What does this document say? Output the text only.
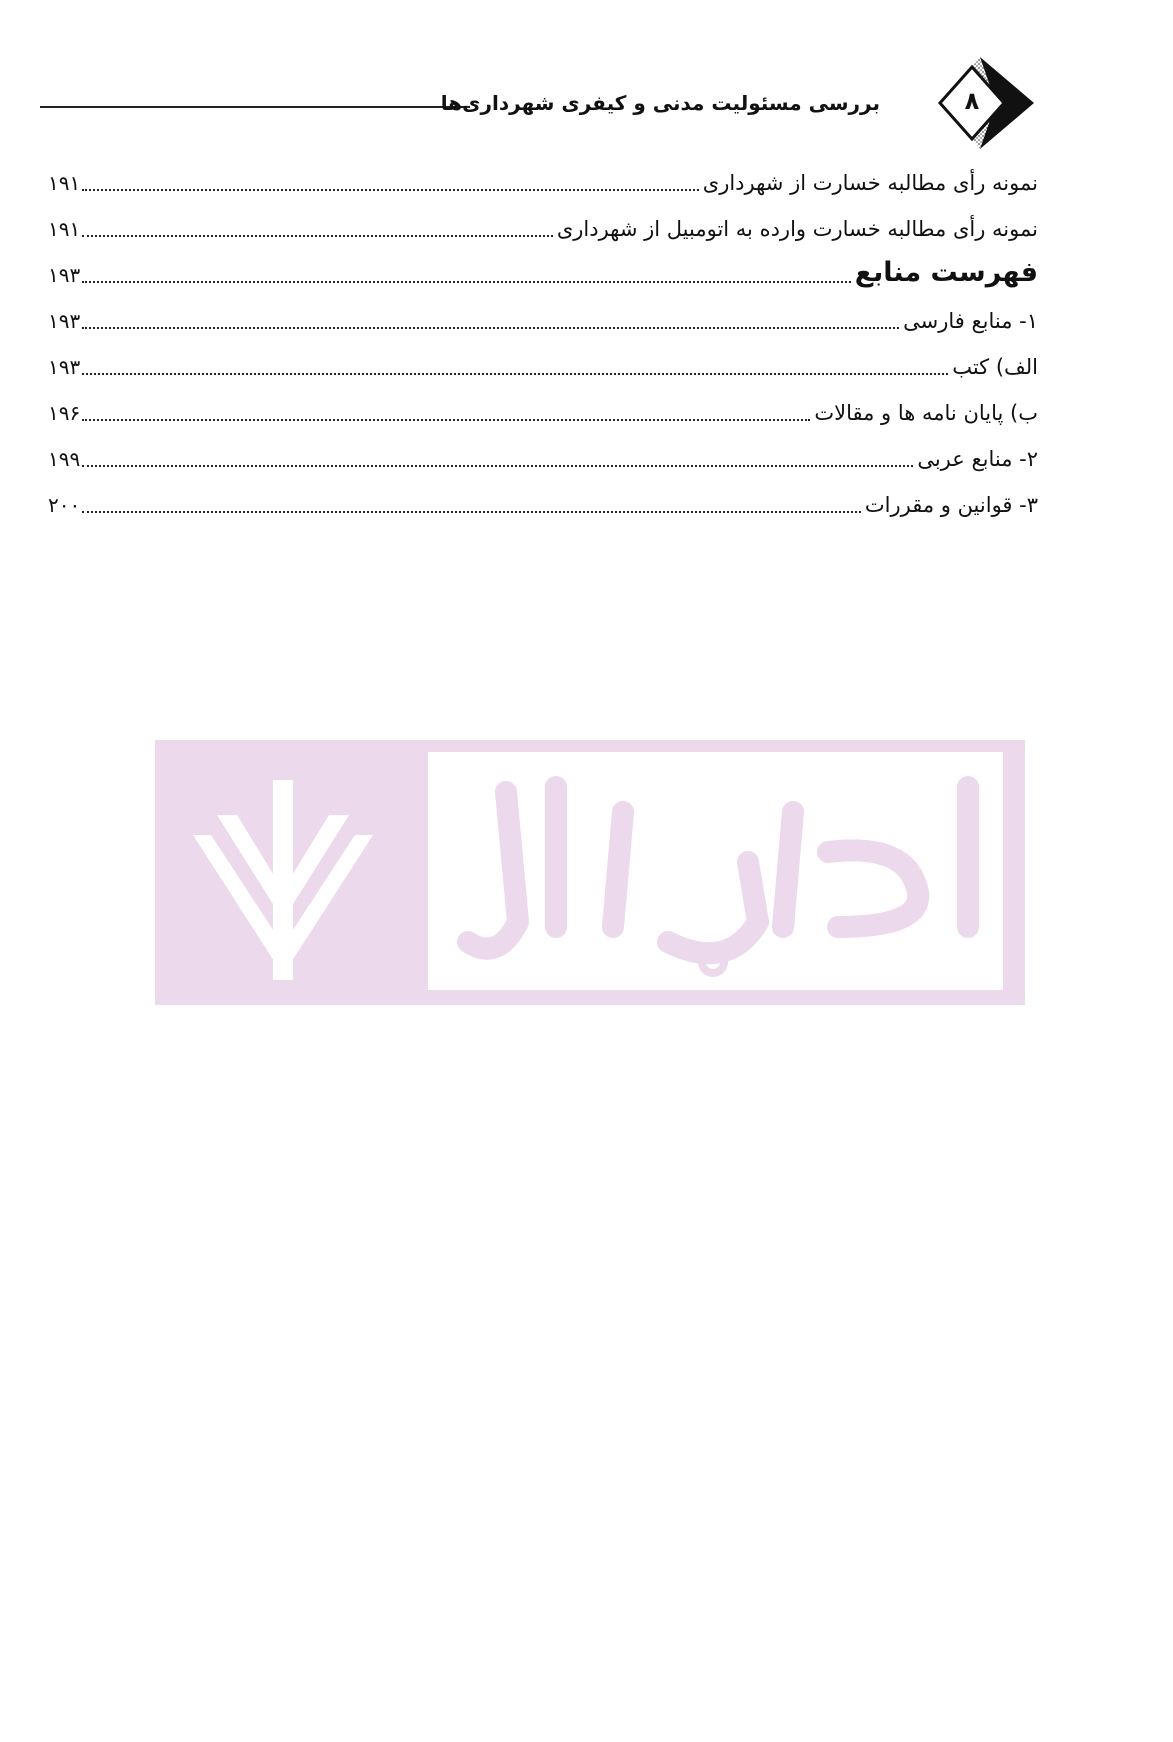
بررسی مسئولیت مدنی و کیفری شهرداری‌ها	۸
نمونه رأی مطالبه خسارت از شهرداری
۱۹۱
نمونه رأی مطالبه خسارت وارده به اتومبیل از شهرداری
۱۹۱
فهرست منابع
۱۹۳
۱- منابع فارسی
۱۹۳
الف) کتب
۱۹۳
ب) پایان نامه ها و مقالات
۱۹۶
۲- منابع عربی
۱۹۹
۳- قوانین و مقررات
۲۰۰
